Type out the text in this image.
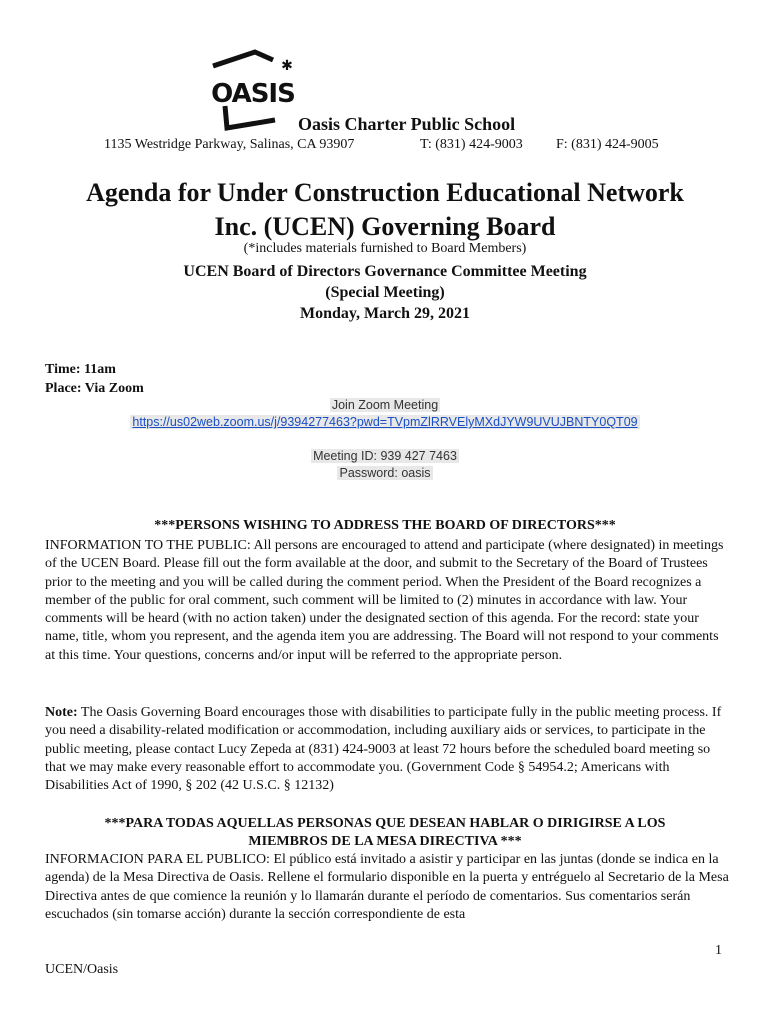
✱
OASIS
Oasis Charter Public School
1135 Westridge Parkway, Salinas, CA 93907	T: (831) 424-9003 F: (831) 424-9005
Agenda for Under Construction Educational Network
Inc. (UCEN) Governing Board
(*includes materials furnished to Board Members)
UCEN Board of Directors Governance Committee Meeting
(Special Meeting)
Monday, March 29, 2021
Time: 11am
Place: Via Zoom
Join Zoom Meeting
https://us02web.zoom.us/j/9394277463?pwd=TVpmZlRRVElyMXdJYW9UVUJBNTY0QT09

Meeting ID: 939 427 7463
Password: oasis
***PERSONS WISHING TO ADDRESS THE BOARD OF DIRECTORS***
INFORMATION TO THE PUBLIC: All persons are encouraged to attend and participate (where designated) in meetings of the UCEN Board. Please fill out the form available at the door, and submit to the Secretary of the Board of Trustees prior to the meeting and you will be called during the comment period. When the President of the Board recognizes a member of the public for oral comment, such comment will be limited to (2) minutes in accordance with law. Your comments will be heard (with no action taken) under the designated section of this agenda. For the record: state your name, title, whom you represent, and the agenda item you are addressing. The Board will not respond to your comments at this time. Your questions, concerns and/or input will be referred to the appropriate person.
Note: The Oasis Governing Board encourages those with disabilities to participate fully in the public meeting process. If you need a disability-related modification or accommodation, including auxiliary aids or services, to participate in the public meeting, please contact Lucy Zepeda at (831) 424-9003 at least 72 hours before the scheduled board meeting so that we may make every reasonable effort to accommodate you. (Government Code § 54954.2; Americans with Disabilities Act of 1990, § 202 (42 U.S.C. § 12132)
***PARA TODAS AQUELLAS PERSONAS QUE DESEAN HABLAR O DIRIGIRSE A LOS
MIEMBROS DE LA MESA DIRECTIVA ***
INFORMACION PARA EL PUBLICO: El público está invitado a asistir y participar en las juntas (donde se indica en la agenda) de la Mesa Directiva de Oasis. Rellene el formulario disponible en la puerta y entréguelo al Secretario de la Mesa Directiva antes de que comience la reunión y lo llamarán durante el período de comentarios. Sus comentarios serán escuchados (sin tomarse acción) durante la sección correspondiente de esta
1
UCEN/Oasis
